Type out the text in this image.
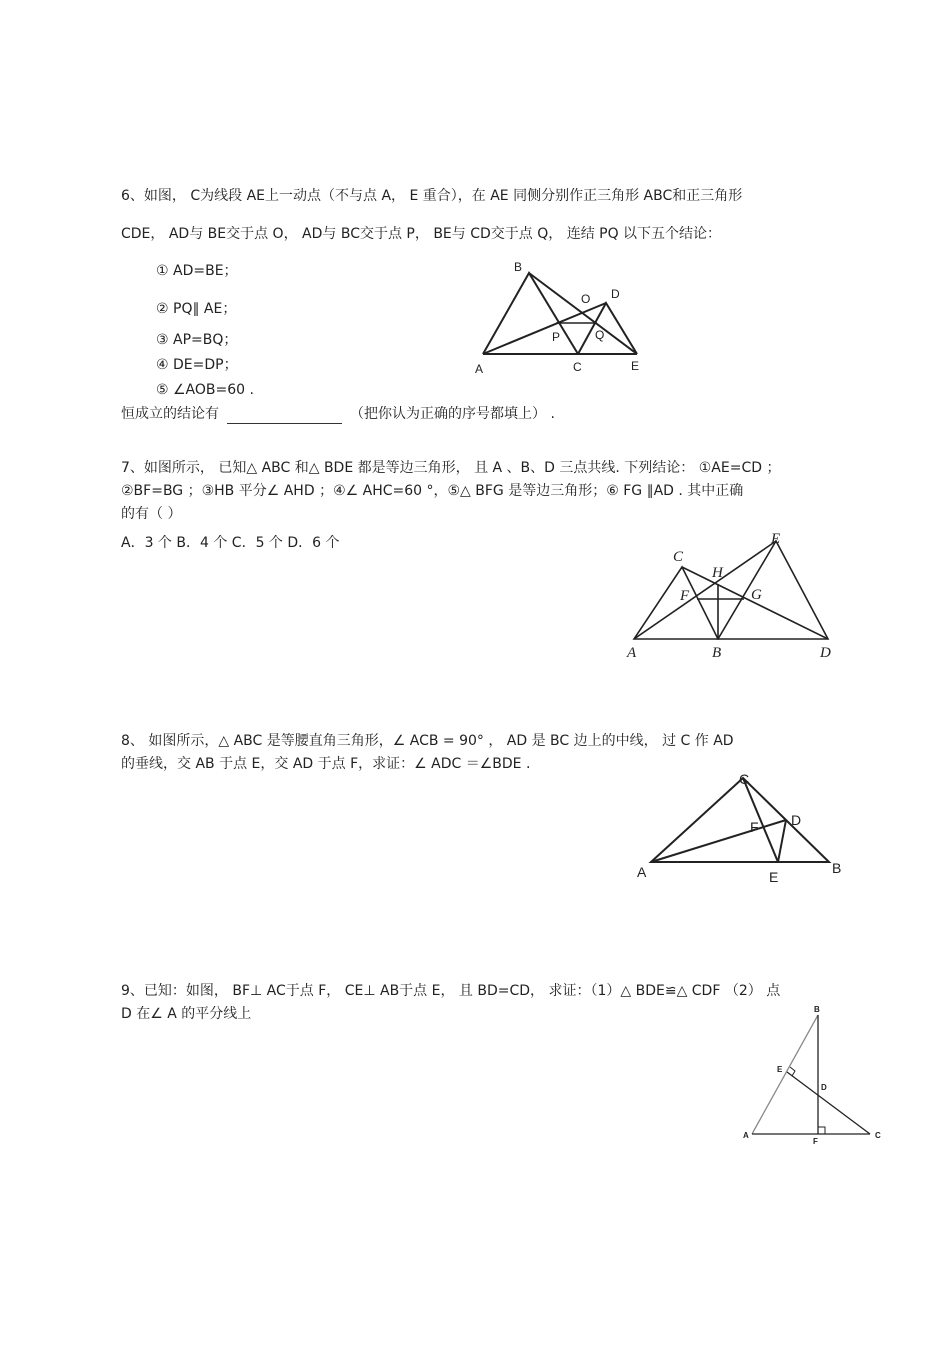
6、如图， C为线段 AE上一动点（不与点 A， E 重合），在 AE 同侧分别作正三角形 ABC和正三角形
CDE， AD与 BE交于点 O， AD与 BC交于点 P， BE与 CD交于点 Q， 连结 PQ 以下五个结论：
① AD=BE；
② PQ∥ AE；
③ AP=BQ；
④ DE=DP；
⑤ ∠AOB=60 .
恒成立的结论有	（把你认为正确的序号都填上） .
B
O D
P	Q
A	C	E
7、如图所示， 已知△ ABC 和△ BDE 都是等边三角形， 且 A 、B、D 三点共线. 下列结论： ①AE=CD ；
②BF=BG ；③HB 平分∠ AHD ；④∠ AHC=60 °，⑤△ BFG 是等边三角形；⑥ FG ∥AD . 其中正确
的有（ ）
A．3 个 B．4 个 C．5 个 D．6 个
C
E
H
F	G
A	B	D
8、 如图所示，△ ABC 是等腰直角三角形，∠ ACB = 90° ， AD 是 BC 边上的中线， 过 C 作 AD
的垂线，交 AB 于点 E，交 AD 于点 F，求证：∠ ADC ＝∠BDE .
C
F D
A	E
B
9、已知：如图， BF⊥ AC于点 F， CE⊥ AB于点 E， 且 BD=CD， 求证：（1）△ BDE≌△ CDF （2） 点
D 在∠ A 的平分线上	B
E
D
A
F
C
